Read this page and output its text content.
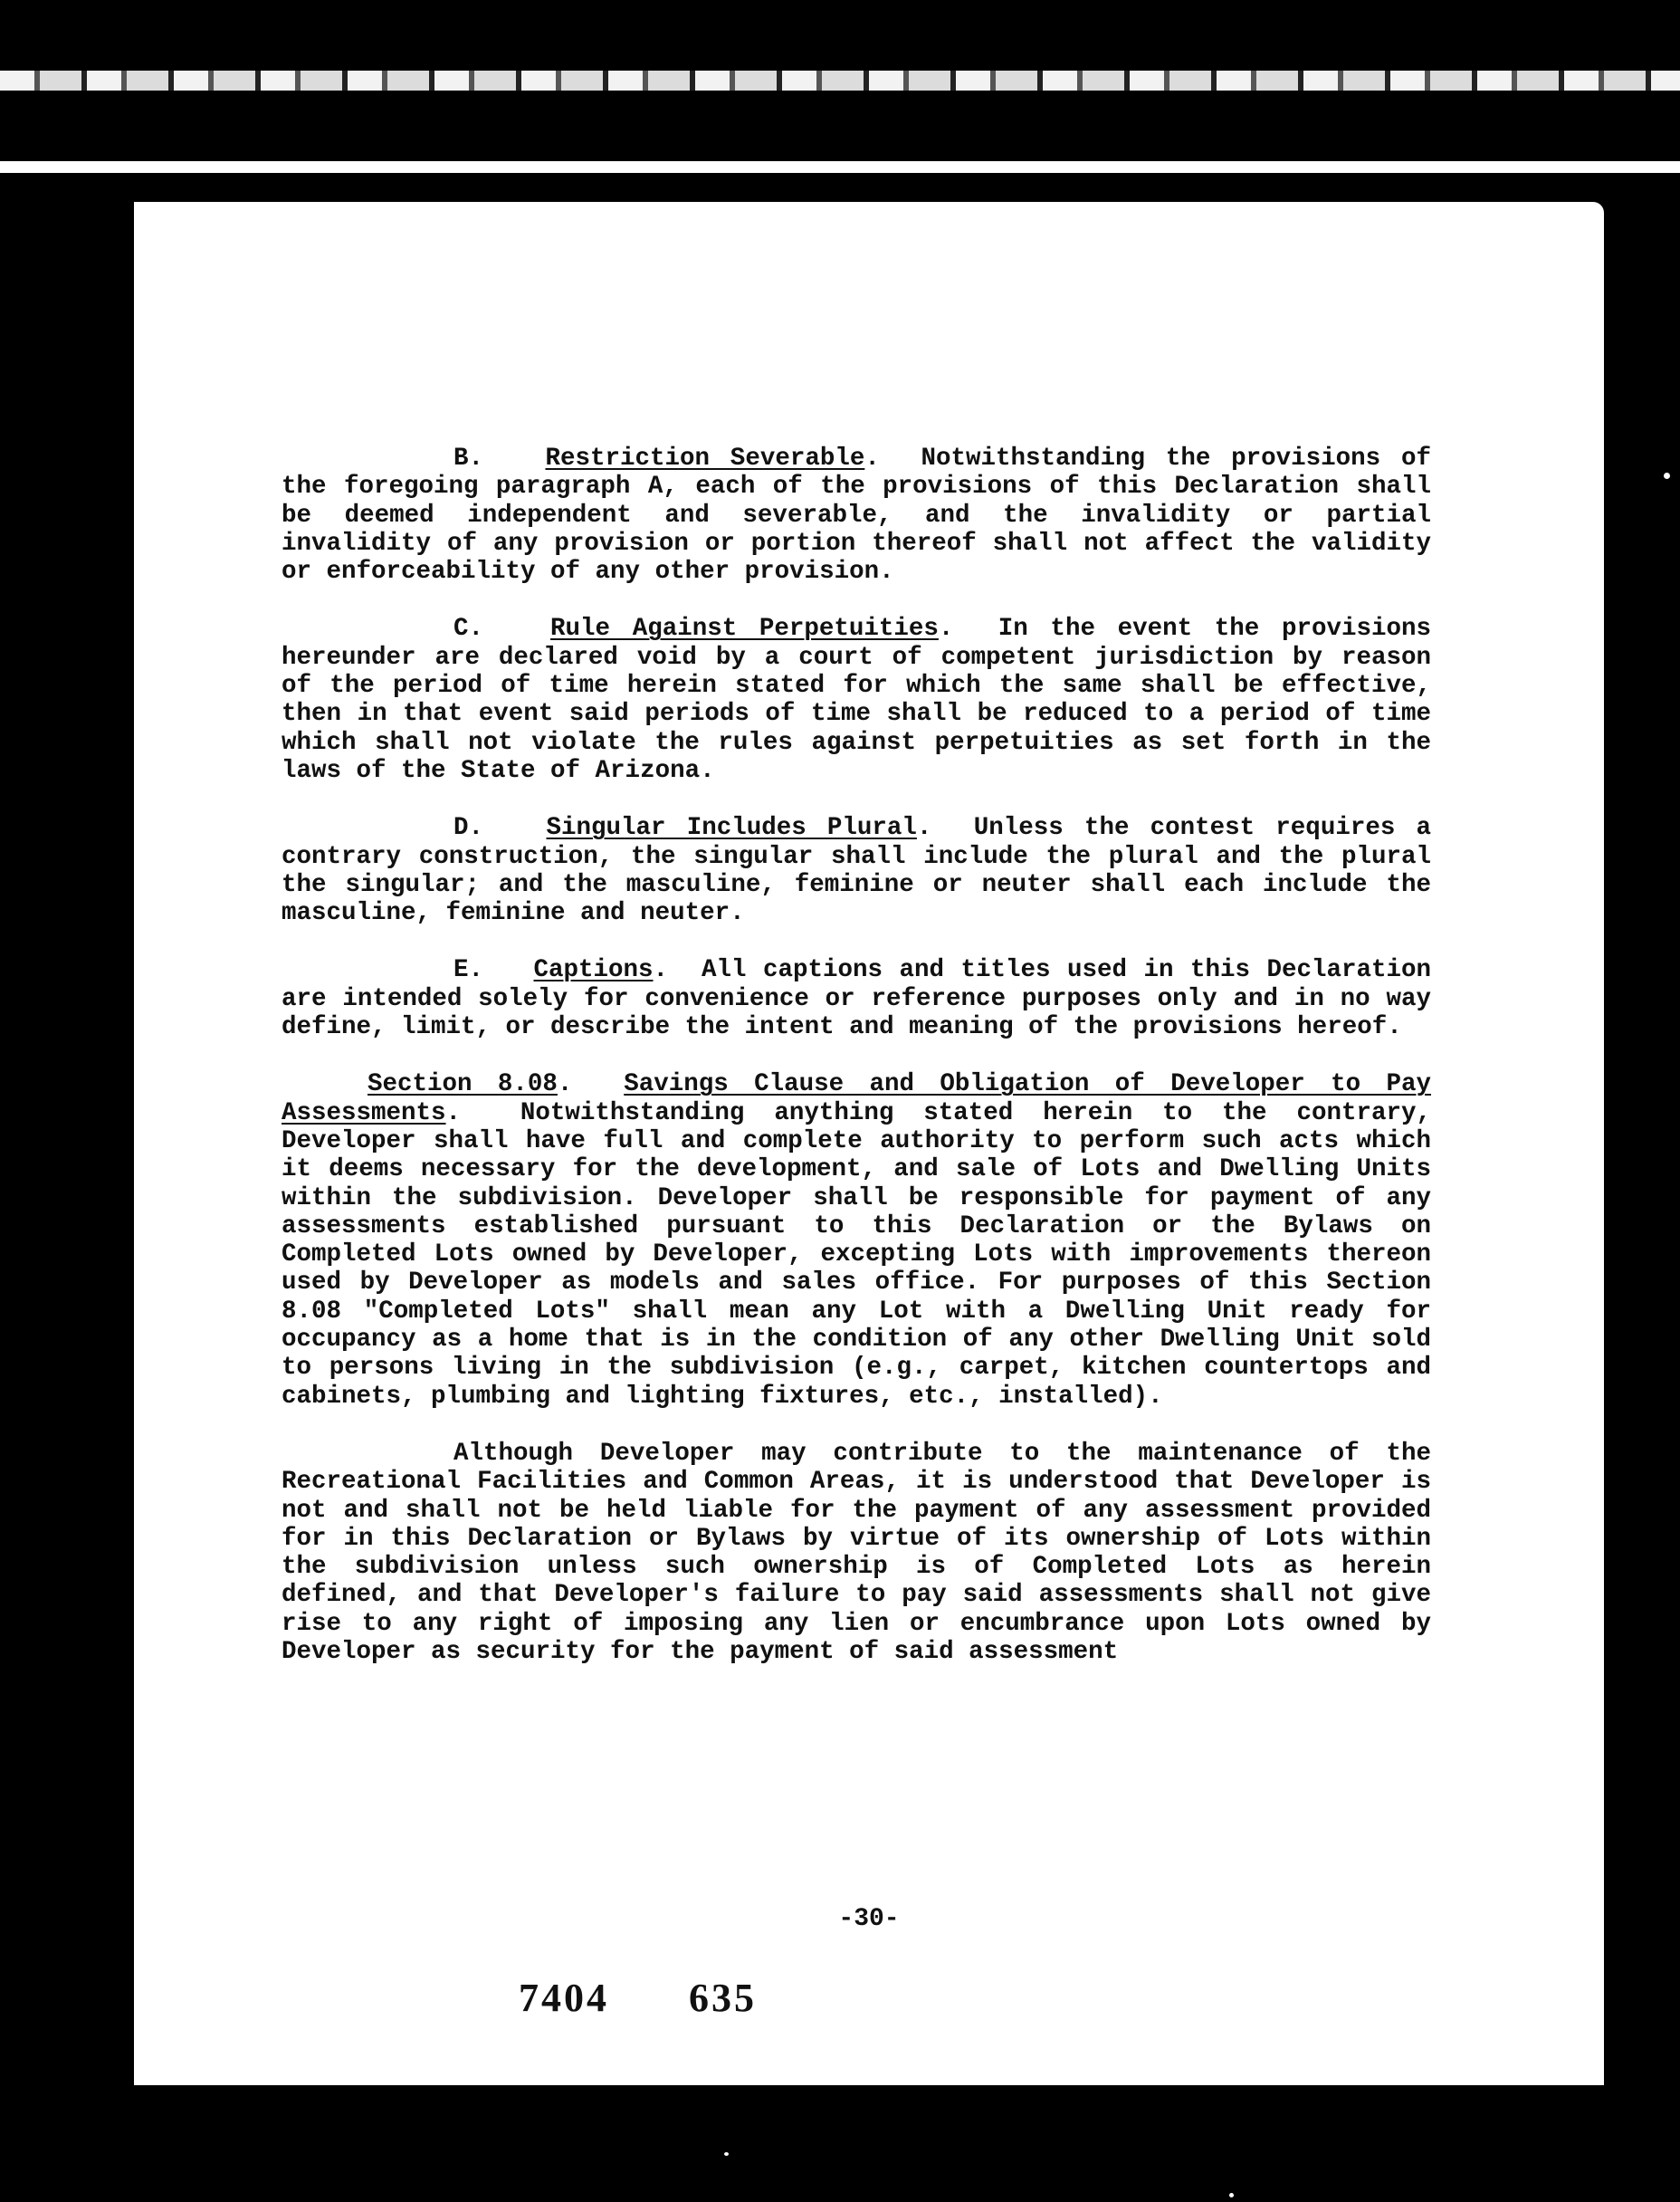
B. Restriction Severable.  Notwithstanding the provisions of the foregoing paragraph A, each of the provisions of this Declaration shall be deemed independent and severable, and the invalidity or partial invalidity of any provision or portion thereof shall not affect the validity or enforceability of any other provision.

C.	Rule Against Perpetuities.  In the event the provisions hereunder are declared void by a court of competent jurisdiction by reason of the period of time herein stated for which the same shall be effective, then in that event said periods of time shall be reduced to a period of time which shall not violate the rules against perpetuities as set forth in the laws of the State of Arizona.

D.	Singular Includes Plural.  Unless the contest requires a contrary construction, the singular shall include the plural and the plural the singular; and the masculine, feminine or neuter shall each include the masculine, feminine and neuter.

E. Captions.  All captions and titles used in this Declaration are intended solely for convenience or reference purposes only and in no way define, limit, or describe the intent and meaning of the provisions hereof.

Section 8.08.  Savings Clause and Obligation of Developer to Pay Assessments.  Notwithstanding anything stated herein to the contrary, Developer shall have full and complete authority to perform such acts which it deems necessary for the development, and sale of Lots and Dwelling Units within the subdivision. Developer shall be responsible for payment of any assessments established pursuant to this Declaration or the Bylaws on Completed Lots owned by Developer, excepting Lots with improvements thereon used by Developer as models and sales office. For purposes of this Section 8.08 "Completed Lots" shall mean any Lot with a Dwelling Unit ready for occupancy as a home that is in the condition of any other Dwelling Unit sold to persons living in the subdivision (e.g., carpet, kitchen countertops and cabinets, plumbing and lighting fixtures, etc., installed).

Although Developer may contribute to the maintenance of the Recreational Facilities and Common Areas, it is understood that Developer is not and shall not be held liable for the payment of any assessment provided for in this Declaration or Bylaws by virtue of its ownership of Lots within the subdivision unless such ownership is of Completed Lots as herein defined, and that Developer's failure to pay said assessments shall not give rise to any right of imposing any lien or encumbrance upon Lots owned by Developer as security for the payment of said assessment

-30-
7404 635
